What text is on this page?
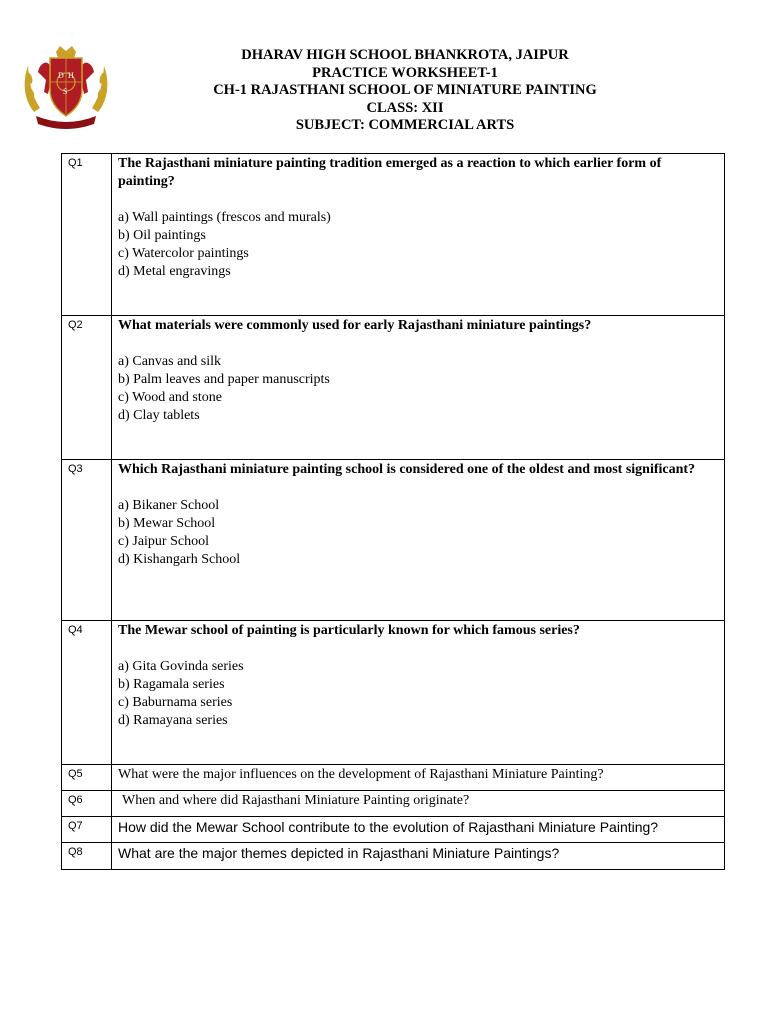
D H
S
DHARAV HIGH SCHOOL BHANKROTA, JAIPUR
PRACTICE WORKSHEET-1
CH-1 RAJASTHANI SCHOOL OF MINIATURE PAINTING
CLASS: XII
SUBJECT: COMMERCIAL ARTS
Q1	The Rajasthani miniature painting tradition emerged as a reaction to which earlier form of painting?
a) Wall paintings (frescos and murals)
b) Oil paintings
c) Watercolor paintings
d) Metal engravings

Q2	What materials were commonly used for early Rajasthani miniature paintings?
a) Canvas and silk
b) Palm leaves and paper manuscripts
c) Wood and stone
d) Clay tablets

Q3	Which Rajasthani miniature painting school is considered one of the oldest and most significant?
a) Bikaner School
b) Mewar School
c) Jaipur School
d) Kishangarh School

Q4	The Mewar school of painting is particularly known for which famous series?
a) Gita Govinda series
b) Ragamala series
c) Baburnama series
d) Ramayana series

Q5	What were the major influences on the development of Rajasthani Miniature Painting?
Q6	When and where did Rajasthani Miniature Painting originate?
Q7	How did the Mewar School contribute to the evolution of Rajasthani Miniature Painting?
Q8	What are the major themes depicted in Rajasthani Miniature Paintings?
